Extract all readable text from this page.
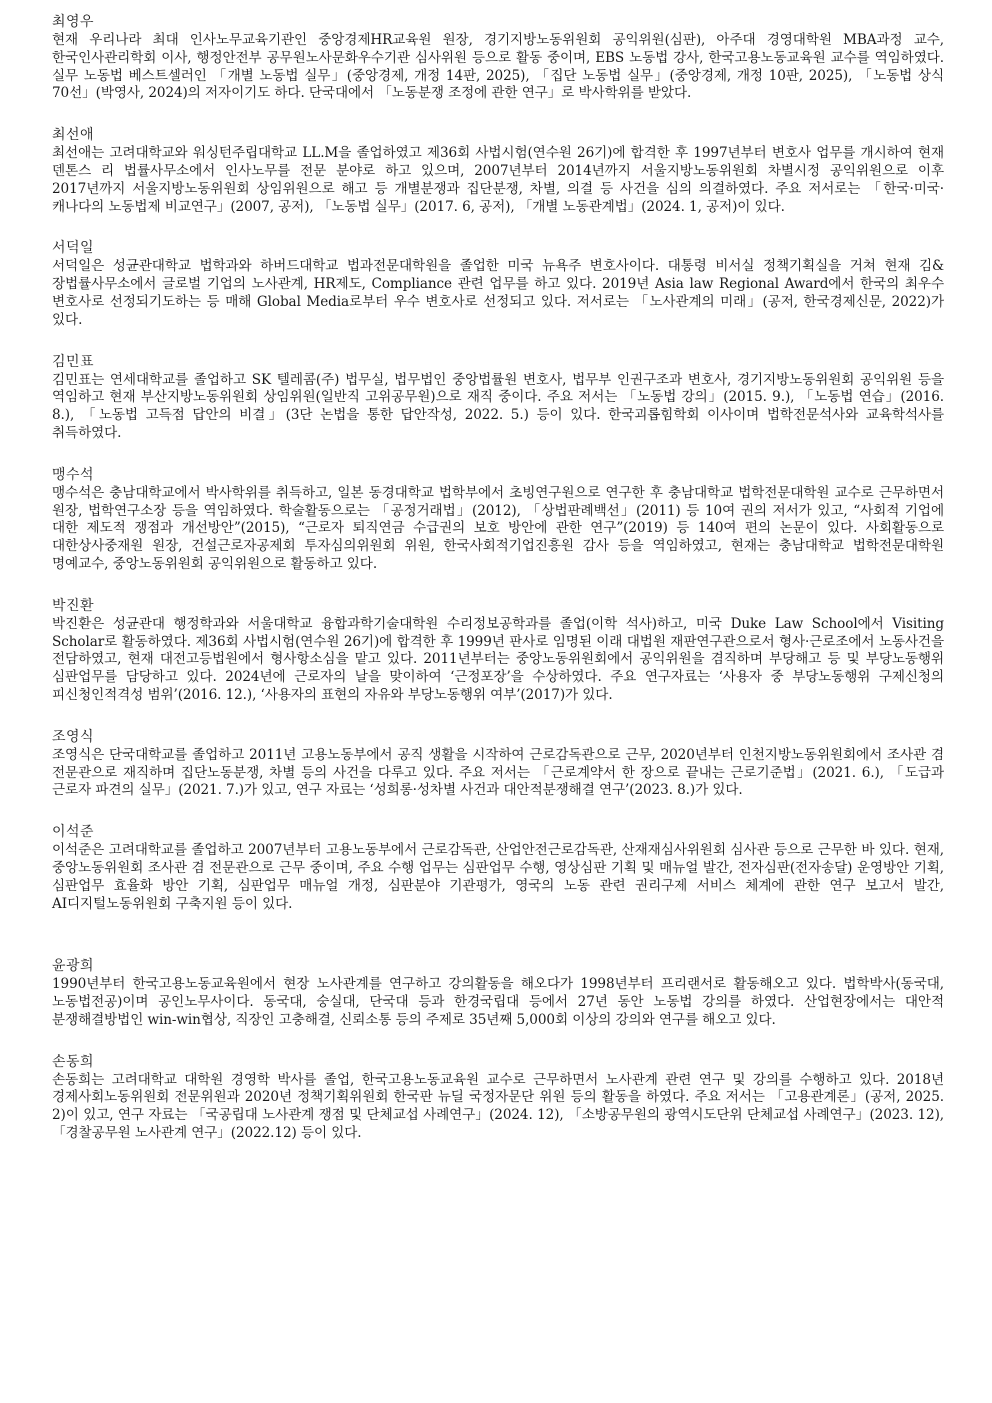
최영우

현재 우리나라 최대 인사노무교육기관인 중앙경제HR교육원 원장, 경기지방노동위원회 공익위원(심판), 아주대 경영대학원 MBA과정 교수, 한국인사관리학회 이사, 행정안전부 공무원노사문화우수기관 심사위원 등으로 활동 중이며, EBS 노동법 강사, 한국고용노동교육원 교수를 역임하였다. 실무 노동법 베스트셀러인 「개별 노동법 실무」(중앙경제, 개정 14판, 2025), 「집단 노동법 실무」(중앙경제, 개정 10판, 2025), 「노동법 상식 70선」(박영사, 2024)의 저자이기도 하다. 단국대에서 「노동분쟁 조정에 관한 연구」로 박사학위를 받았다.

최선애

최선애는 고려대학교와 워싱턴주립대학교 LL.M을 졸업하였고 제36회 사법시험(연수원 26기)에 합격한 후 1997년부터 변호사 업무를 개시하여 현재 덴톤스 리 법률사무소에서 인사노무를 전문 분야로 하고 있으며, 2007년부터 2014년까지 서울지방노동위원회 차별시정 공익위원으로 이후 2017년까지 서울지방노동위원회 상임위원으로 해고 등 개별분쟁과 집단분쟁, 차별, 의결 등 사건을 심의 의결하였다. 주요 저서로는 「한국·미국·캐나다의 노동법제 비교연구」(2007, 공저), 「노동법 실무」(2017. 6, 공저), 「개별 노동관계법」(2024. 1, 공저)이 있다.

서덕일

서덕일은 성균관대학교 법학과와 하버드대학교 법과전문대학원을 졸업한 미국 뉴욕주 변호사이다. 대통령 비서실 정책기획실을 거쳐 현재 김&장법률사무소에서 글로벌 기업의 노사관계, HR제도, Compliance 관련 업무를 하고 있다. 2019년 Asia law Regional Award에서 한국의 최우수 변호사로 선정되기도하는 등 매해 Global Media로부터 우수 변호사로 선정되고 있다. 저서로는 「노사관계의 미래」(공저, 한국경제신문, 2022)가 있다.

김민표

김민표는 연세대학교를 졸업하고 SK 텔레콤(주) 법무실, 법무법인 중앙법률원 변호사, 법무부 인권구조과 변호사, 경기지방노동위원회 공익위원 등을 역임하고 현재 부산지방노동위원회 상임위원(일반직 고위공무원)으로 재직 중이다. 주요 저서는 「노동법 강의」(2015. 9.), 「노동법 연습」(2016. 8.), 「노동법 고득점 답안의 비결」(3단 논법을 통한 답안작성, 2022. 5.) 등이 있다. 한국괴롭힘학회 이사이며 법학전문석사와 교육학석사를 취득하였다.

맹수석

맹수석은 충남대학교에서 박사학위를 취득하고, 일본 동경대학교 법학부에서 초빙연구원으로 연구한 후 충남대학교 법학전문대학원 교수로 근무하면서 원장, 법학연구소장 등을 역임하였다. 학술활동으로는 「공정거래법」(2012), 「상법판례백선」(2011) 등 10여 권의 저서가 있고, “사회적 기업에 대한 제도적 쟁점과 개선방안”(2015), “근로자 퇴직연금 수급권의 보호 방안에 관한 연구”(2019) 등 140여 편의 논문이 있다. 사회활동으로 대한상사중재원 원장, 건설근로자공제회 투자심의위원회 위원, 한국사회적기업진흥원 감사 등을 역임하였고, 현재는 충남대학교 법학전문대학원 명예교수, 중앙노동위원회 공익위원으로 활동하고 있다.

박진환

박진환은 성균관대 행정학과와 서울대학교 융합과학기술대학원 수리정보공학과를 졸업(이학 석사)하고, 미국 Duke Law School에서 Visiting Scholar로 활동하였다. 제36회 사법시험(연수원 26기)에 합격한 후 1999년 판사로 임명된 이래 대법원 재판연구관으로서 형사·근로조에서 노동사건을 전담하였고, 현재 대전고등법원에서 형사항소심을 맡고 있다. 2011년부터는 중앙노동위원회에서 공익위원을 겸직하며 부당해고 등 및 부당노동행위 심판업무를 담당하고 있다. 2024년에 근로자의 날을 맞이하여 ‘근정포장’을 수상하였다. 주요 연구자료는 ‘사용자 중 부당노동행위 구제신청의 피신청인적격성 범위’(2016. 12.), ‘사용자의 표현의 자유와 부당노동행위 여부’(2017)가 있다.

조영식

조영식은 단국대학교를 졸업하고 2011년 고용노동부에서 공직 생활을 시작하여 근로감독관으로 근무, 2020년부터 인천지방노동위원회에서 조사관 겸 전문관으로 재직하며 집단노동분쟁, 차별 등의 사건을 다루고 있다. 주요 저서는 「근로계약서 한 장으로 끝내는 근로기준법」(2021. 6.), 「도급과 근로자 파견의 실무」(2021. 7.)가 있고, 연구 자료는 ‘성희롱·성차별 사건과 대안적분쟁해결 연구’(2023. 8.)가 있다.

이석준

이석준은 고려대학교를 졸업하고 2007년부터 고용노동부에서 근로감독관, 산업안전근로감독관, 산재재심사위원회 심사관 등으로 근무한 바 있다. 현재, 중앙노동위원회 조사관 겸 전문관으로 근무 중이며, 주요 수행 업무는 심판업무 수행, 영상심판 기획 및 매뉴얼 발간, 전자심판(전자송달) 운영방안 기획, 심판업무 효율화 방안 기획, 심판업무 매뉴얼 개정, 심판분야 기관평가, 영국의 노동 관련 권리구제 서비스 체계에 관한 연구 보고서 발간, AI디지털노동위원회 구축지원 등이 있다.

윤광희

1990년부터 한국고용노동교육원에서 현장 노사관계를 연구하고 강의활동을 해오다가 1998년부터 프리랜서로 활동해오고 있다. 법학박사(동국대, 노동법전공)이며 공인노무사이다. 동국대, 숭실대, 단국대 등과 한경국립대 등에서 27년 동안 노동법 강의를 하였다. 산업현장에서는 대안적 분쟁해결방법인 win-win협상, 직장인 고충해결, 신뢰소통 등의 주제로 35년째 5,000회 이상의 강의와 연구를 해오고 있다.

손동희

손동희는 고려대학교 대학원 경영학 박사를 졸업, 한국고용노동교육원 교수로 근무하면서 노사관계 관련 연구 및 강의를 수행하고 있다. 2018년 경제사회노동위원회 전문위원과 2020년 정책기획위원회 한국판 뉴딜 국정자문단 위원 등의 활동을 하였다. 주요 저서는 「고용관계론」(공저, 2025. 2)이 있고, 연구 자료는 「국공립대 노사관계 쟁점 및 단체교섭 사례연구」(2024. 12), 「소방공무원의 광역시도단위 단체교섭 사례연구」(2023. 12), 「경찰공무원 노사관계 연구」(2022.12) 등이 있다.
